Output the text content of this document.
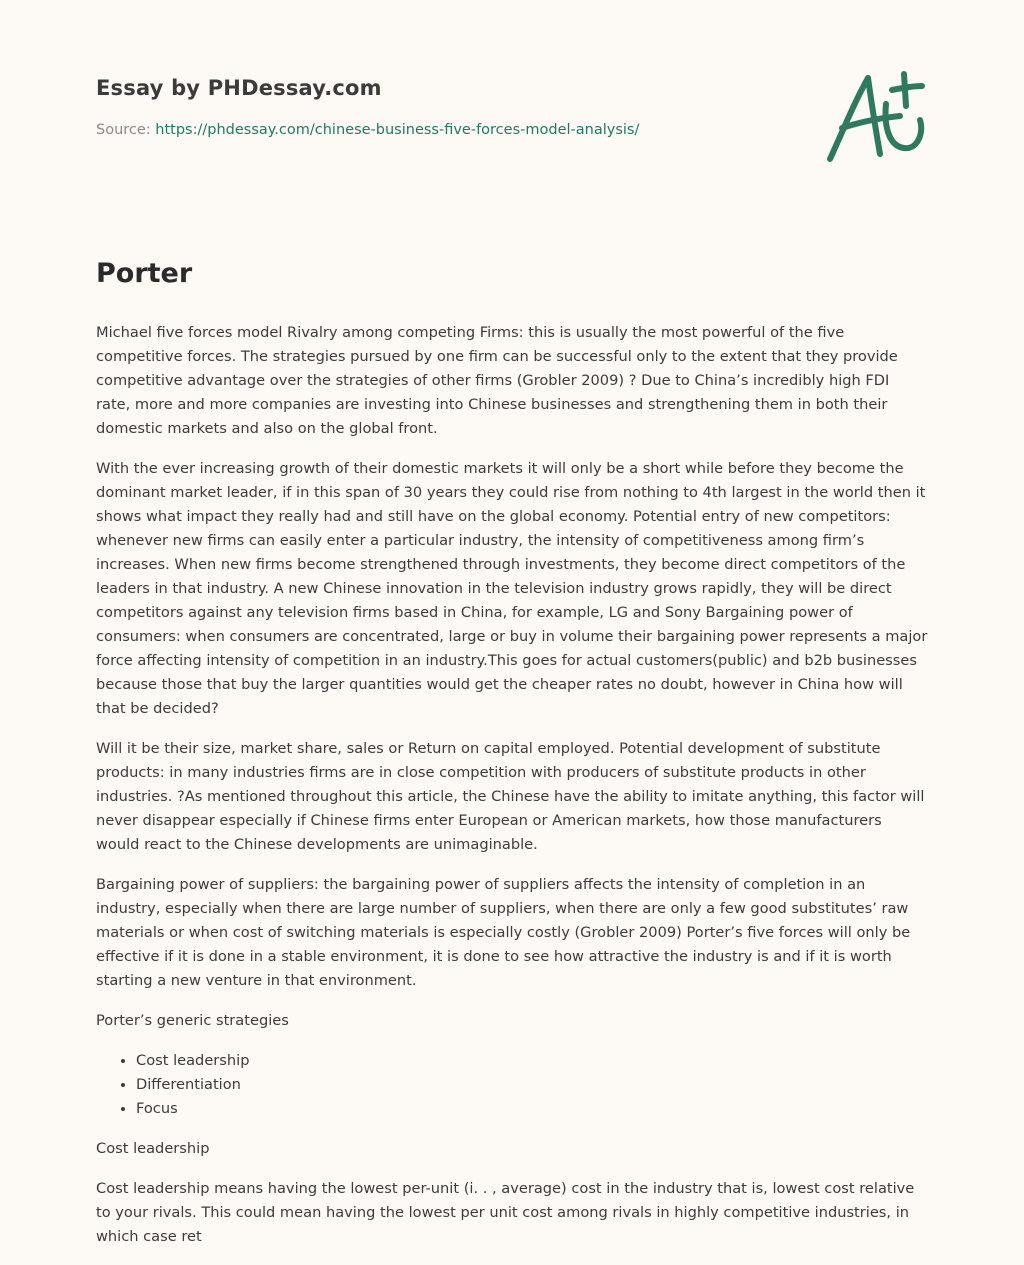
Essay by PHDessay.com
Source: https://phdessay.com/chinese-business-five-forces-model-analysis/
Porter

Michael five forces model Rivalry among competing Firms: this is usually the most powerful of the five competitive forces. The strategies pursued by one firm can be successful only to the extent that they provide competitive advantage over the strategies of other firms (Grobler 2009) ? Due to China’s incredibly high FDI rate, more and more companies are investing into Chinese businesses and strengthening them in both their domestic markets and also on the global front.

With the ever increasing growth of their domestic markets it will only be a short while before they become the dominant market leader, if in this span of 30 years they could rise from nothing to 4th largest in the world then it shows what impact they really had and still have on the global economy. Potential entry of new competitors: whenever new firms can easily enter a particular industry, the intensity of competitiveness among firm’s increases. When new firms become strengthened through investments, they become direct competitors of the leaders in that industry. A new Chinese innovation in the television industry grows rapidly, they will be direct competitors against any television firms based in China, for example, LG and Sony Bargaining power of consumers: when consumers are concentrated, large or buy in volume their bargaining power represents a major force affecting intensity of competition in an industry.This goes for actual customers(public) and b2b businesses because those that buy the larger quantities would get the cheaper rates no doubt, however in China how will that be decided?

Will it be their size, market share, sales or Return on capital employed. Potential development of substitute products: in many industries firms are in close competition with producers of substitute products in other industries. ?As mentioned throughout this article, the Chinese have the ability to imitate anything, this factor will never disappear especially if Chinese firms enter European or American markets, how those manufacturers would react to the Chinese developments are unimaginable.

Bargaining power of suppliers: the bargaining power of suppliers affects the intensity of completion in an industry, especially when there are large number of suppliers, when there are only a few good substitutes’ raw materials or when cost of switching materials is especially costly (Grobler 2009) Porter’s five forces will only be effective if it is done in a stable environment, it is done to see how attractive the industry is and if it is worth starting a new venture in that environment.

Porter’s generic strategies

• Cost leadership
• Differentiation
• Focus

Cost leadership

Cost leadership means having the lowest per-unit (i. . , average) cost in the industry that is, lowest cost relative to your rivals. This could mean having the lowest per unit cost among rivals in highly competitive industries, in which case ret
